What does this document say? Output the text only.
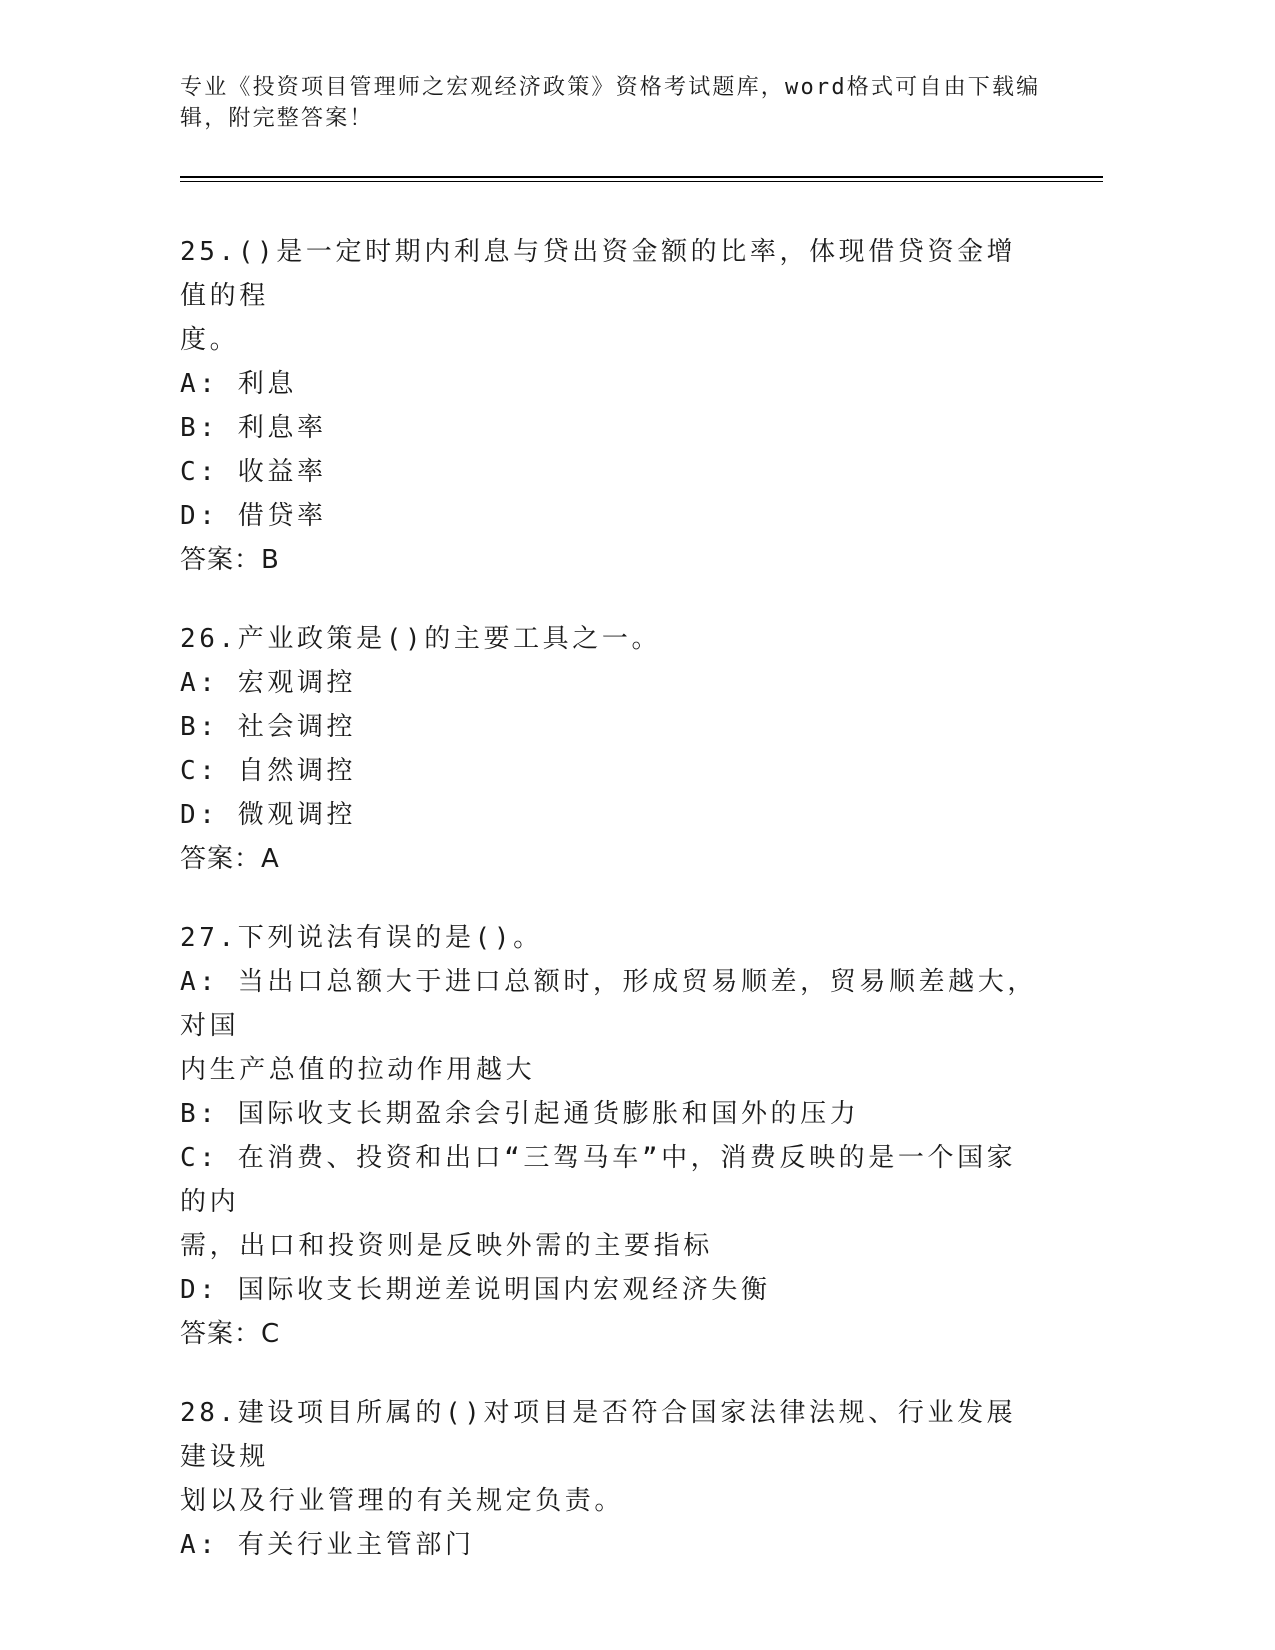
专业《投资项目管理师之宏观经济政策》资格考试题库，word格式可自由下载编
辑，附完整答案！
25.()是一定时期内利息与贷出资金额的比率，体现借贷资金增值的程
度。
A: 利息
B: 利息率
C: 收益率
D: 借贷率
答案：B
26.产业政策是()的主要工具之一。
A: 宏观调控
B: 社会调控
C: 自然调控
D: 微观调控
答案：A
27.下列说法有误的是()。
A: 当出口总额大于进口总额时，形成贸易顺差，贸易顺差越大，对国
内生产总值的拉动作用越大
B: 国际收支长期盈余会引起通货膨胀和国外的压力
C: 在消费、投资和出口“三驾马车”中，消费反映的是一个国家的内
需，出口和投资则是反映外需的主要指标
D: 国际收支长期逆差说明国内宏观经济失衡
答案：C
28.建设项目所属的()对项目是否符合国家法律法规、行业发展建设规
划以及行业管理的有关规定负责。
A: 有关行业主管部门
